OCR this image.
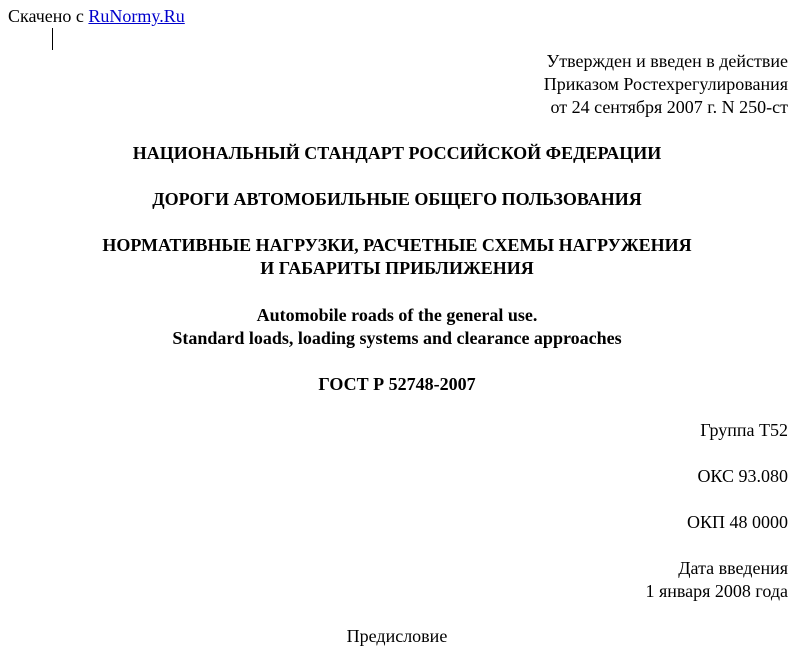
Скачено с RuNormy.Ru
Утвержден и введен в действие
Приказом Ростехрегулирования
от 24 сентября 2007 г. N 250-ст
НАЦИОНАЛЬНЫЙ СТАНДАРТ РОССИЙСКОЙ ФЕДЕРАЦИИ
ДОРОГИ АВТОМОБИЛЬНЫЕ ОБЩЕГО ПОЛЬЗОВАНИЯ
НОРМАТИВНЫЕ НАГРУЗКИ, РАСЧЕТНЫЕ СХЕМЫ НАГРУЖЕНИЯ
И ГАБАРИТЫ ПРИБЛИЖЕНИЯ
Automobile roads of the general use.
Standard loads, loading systems and clearance approaches
ГОСТ Р 52748-2007
Группа Т52
ОКС 93.080
ОКП 48 0000
Дата введения
1 января 2008 года
Предисловие
